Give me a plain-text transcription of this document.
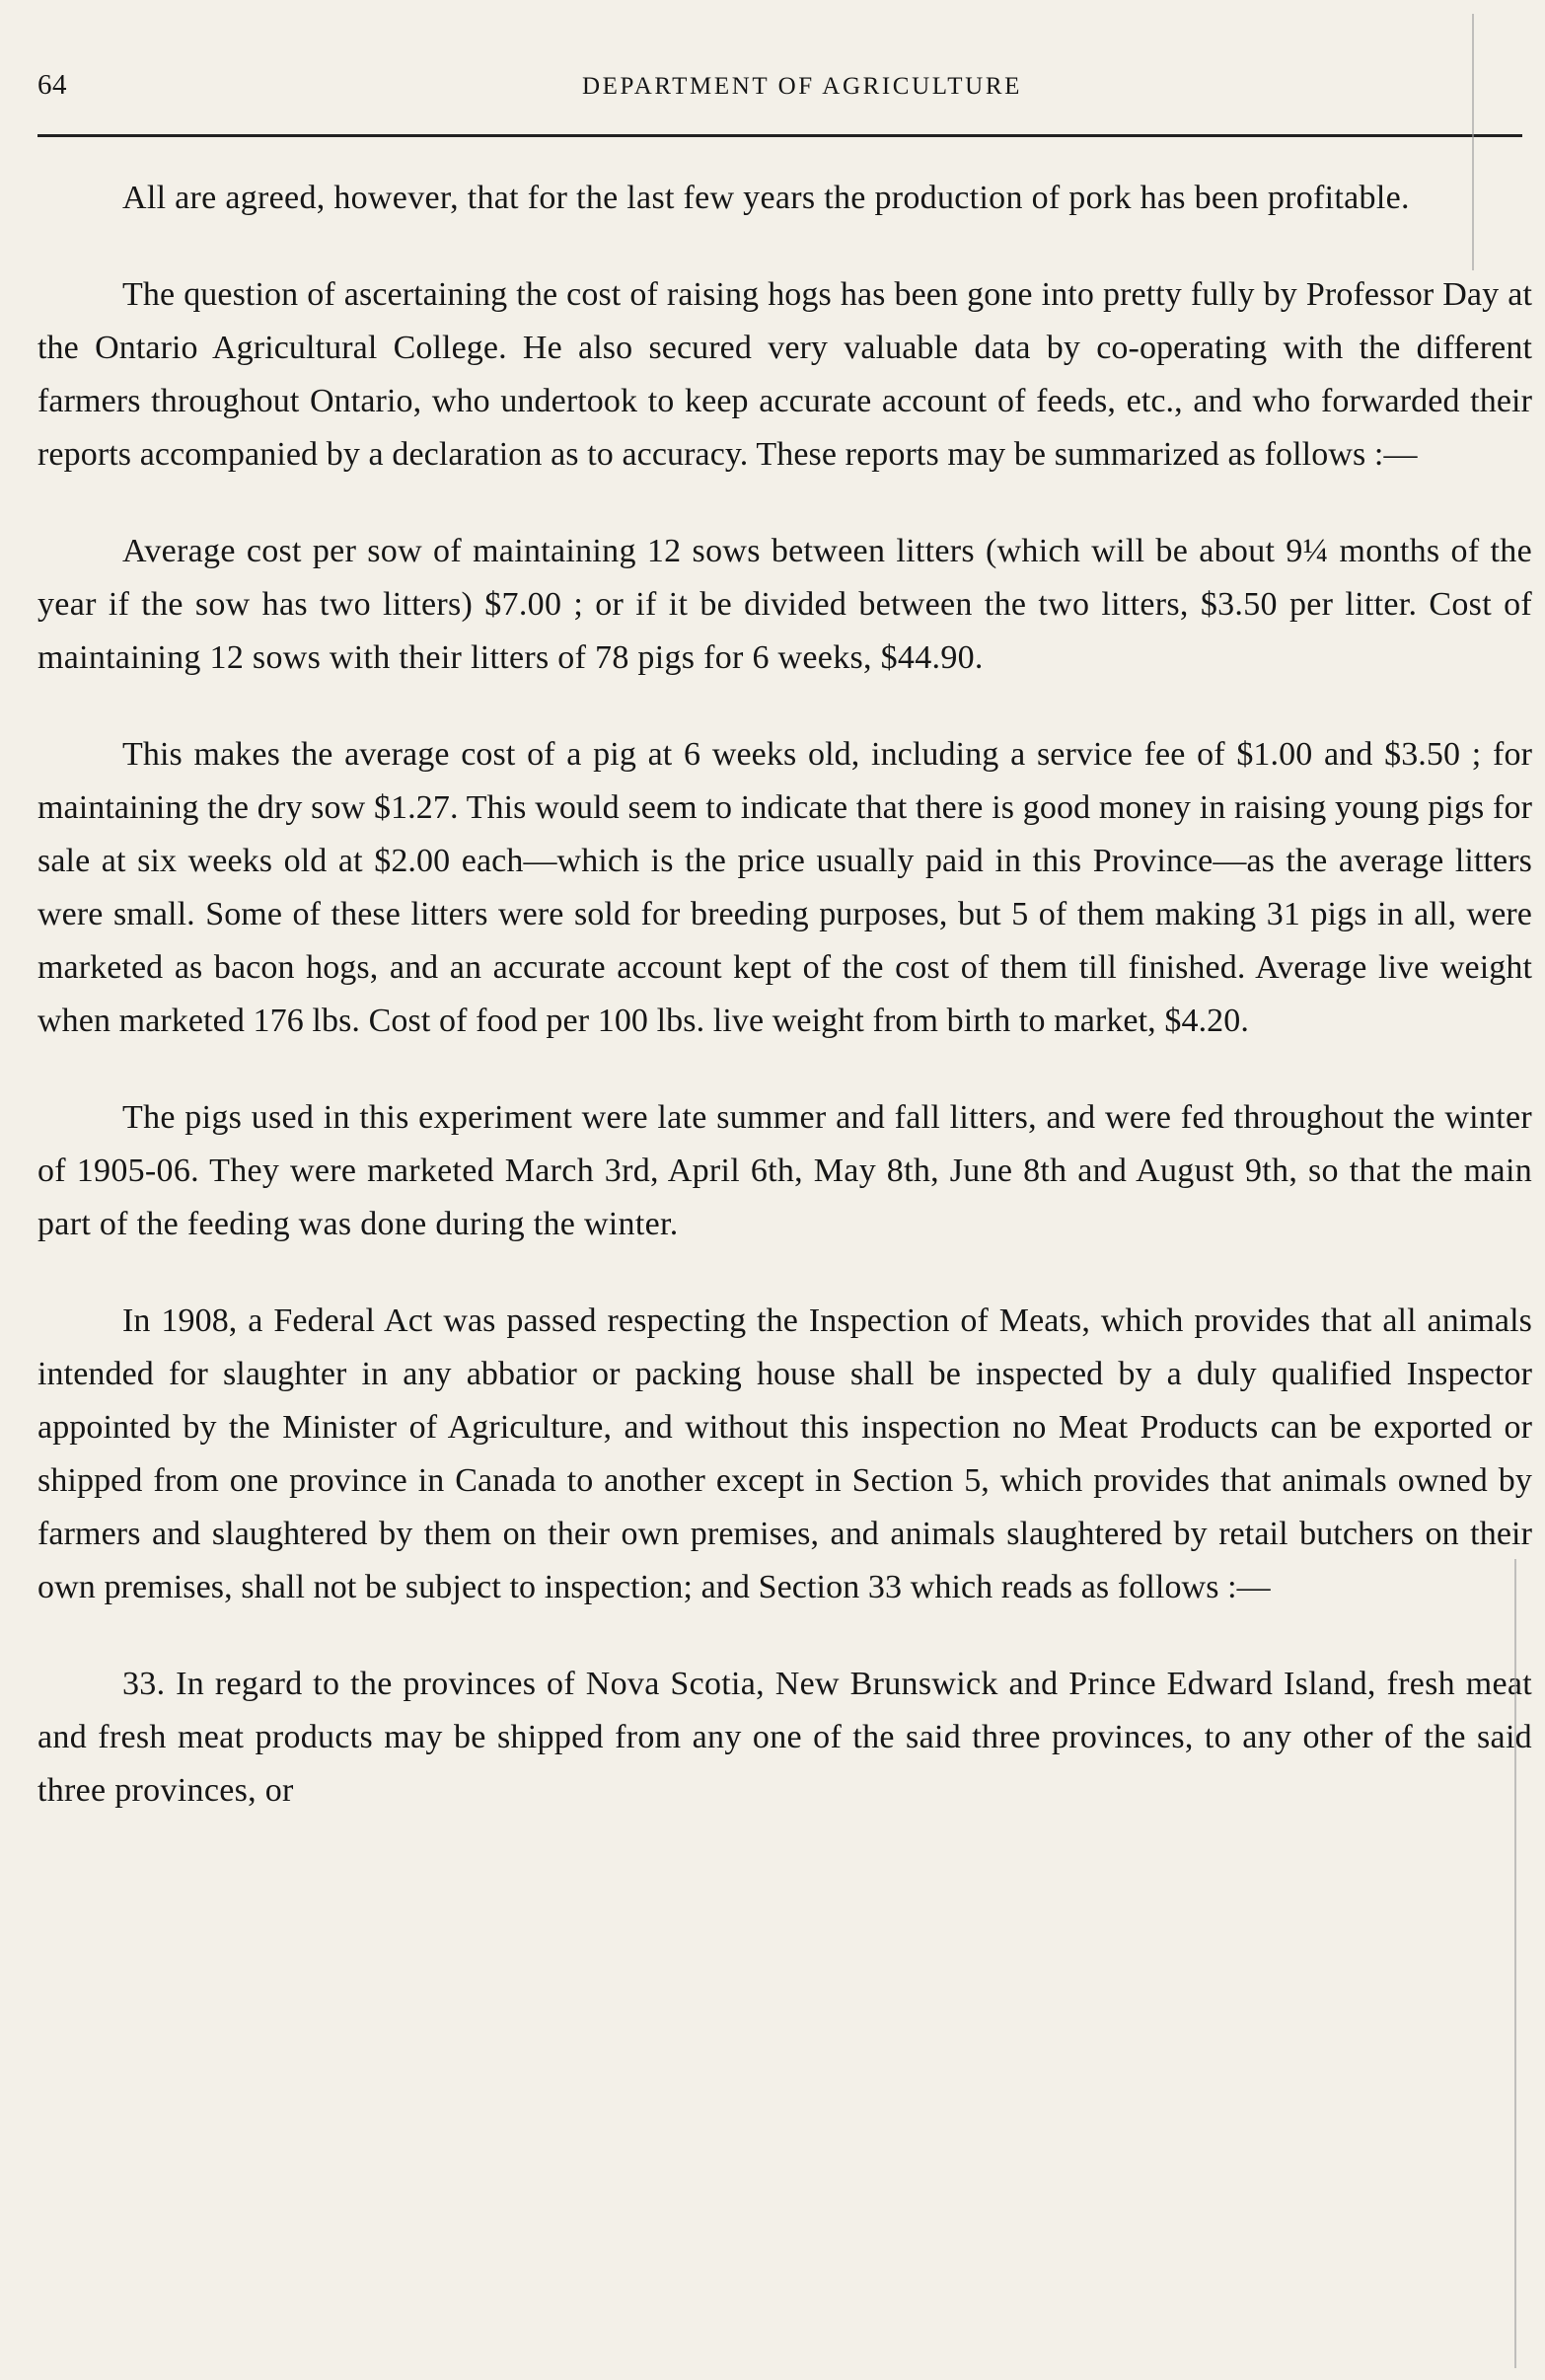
64	DEPARTMENT OF AGRICULTURE

All are agreed, however, that for the last few years the production of pork has been profitable.

The question of ascertaining the cost of raising hogs has been gone into pretty fully by Professor Day at the Ontario Agricultural College. He also secured very valuable data by co-operating with the different farmers throughout Ontario, who undertook to keep accurate account of feeds, etc., and who forwarded their reports accompanied by a declaration as to accuracy. These reports may be summarized as follows :—

Average cost per sow of maintaining 12 sows between litters (which will be about 9¼ months of the year if the sow has two litters) $7.00 ; or if it be divided between the two litters, $3.50 per litter. Cost of maintaining 12 sows with their litters of 78 pigs for 6 weeks, $44.90.

This makes the average cost of a pig at 6 weeks old, including a service fee of $1.00 and $3.50 ; for maintaining the dry sow $1.27. This would seem to indicate that there is good money in raising young pigs for sale at six weeks old at $2.00 each—which is the price usually paid in this Province—as the average litters were small. Some of these litters were sold for breeding purposes, but 5 of them making 31 pigs in all, were marketed as bacon hogs, and an accurate account kept of the cost of them till finished. Average live weight when marketed 176 lbs. Cost of food per 100 lbs. live weight from birth to market, $4.20.

The pigs used in this experiment were late summer and fall litters, and were fed throughout the winter of 1905-06. They were marketed March 3rd, April 6th, May 8th, June 8th and August 9th, so that the main part of the feeding was done during the winter.

In 1908, a Federal Act was passed respecting the Inspection of Meats, which provides that all animals intended for slaughter in any abbatior or packing house shall be inspected by a duly qualified Inspector appointed by the Minister of Agriculture, and without this inspection no Meat Products can be exported or shipped from one province in Canada to another except in Section 5, which provides that animals owned by farmers and slaughtered by them on their own premises, and animals slaughtered by retail butchers on their own premises, shall not be subject to inspection; and Section 33 which reads as follows :—

33. In regard to the provinces of Nova Scotia, New Brunswick and Prince Edward Island, fresh meat and fresh meat products may be shipped from any one of the said three provinces, to any other of the said three provinces, or
